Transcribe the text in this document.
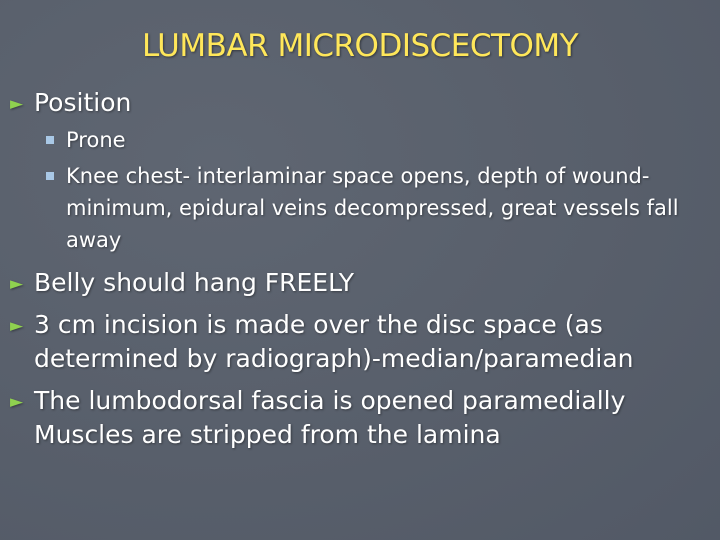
LUMBAR MICRODISCECTOMY
► Position
Prone
Knee chest- interlaminar space opens, depth of wound- minimum, epidural veins decompressed, great vessels fall away
► Belly should hang FREELY
► 3 cm incision is made over the disc space (as determined by radiograph)-median/paramedian
► The lumbodorsal fascia is opened paramedially Muscles are stripped from the lamina
